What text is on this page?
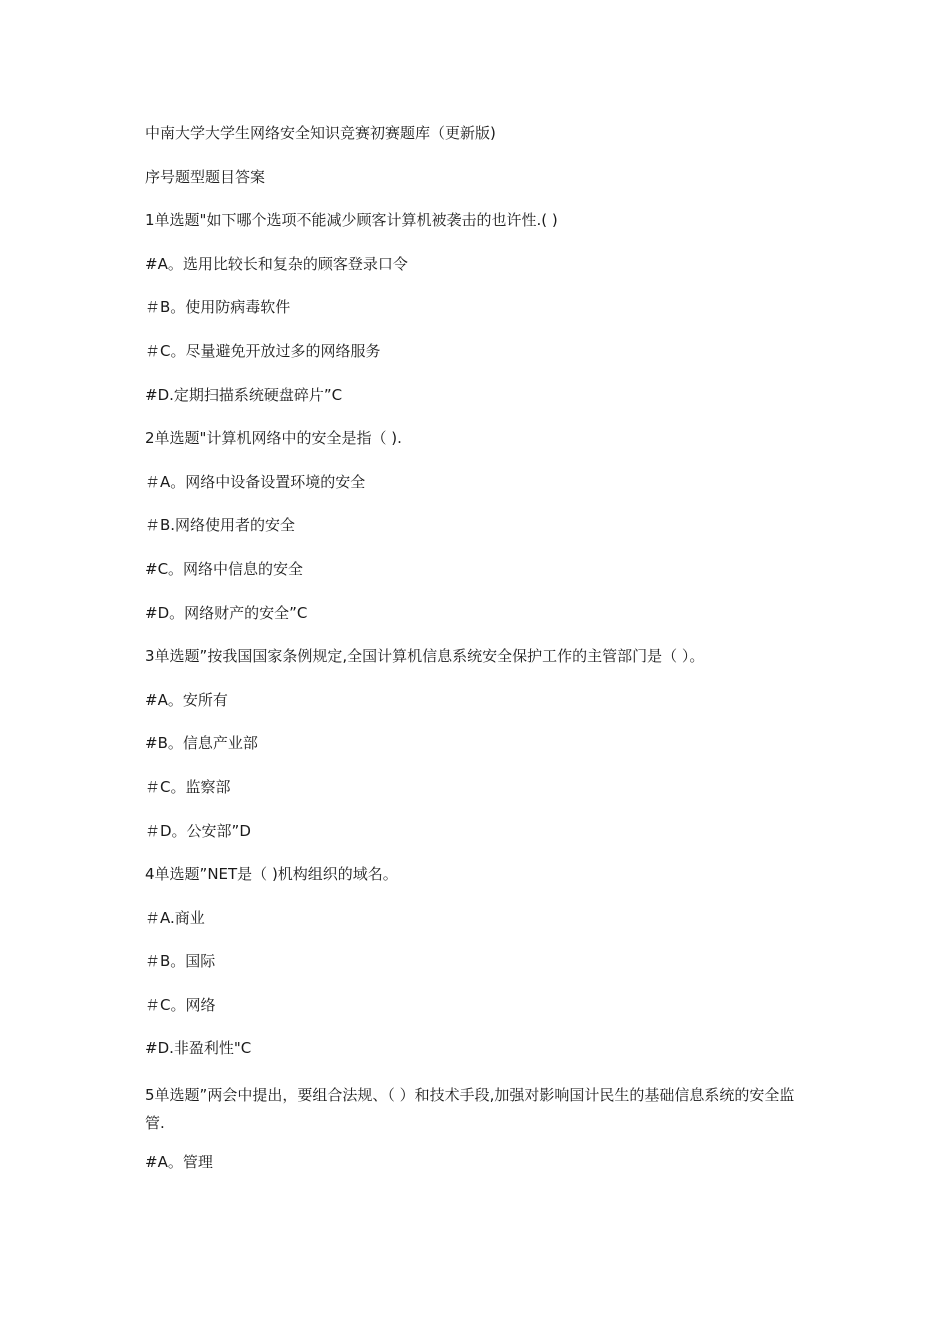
中南大学大学生网络安全知识竞赛初赛题库（更新版)
序号题型题目答案
1单选题"如下哪个选项不能减少顾客计算机被袭击的也许性.( )
#A。选用比较长和复杂的顾客登录口令
＃B。使用防病毒软件
＃C。尽量避免开放过多的网络服务
#D.定期扫描系统硬盘碎片”C
2单选题"计算机网络中的安全是指（ ).
＃A。网络中设备设置环境的安全
＃B.网络使用者的安全
#C。网络中信息的安全
#D。网络财产的安全”C
3单选题”按我国国家条例规定,全国计算机信息系统安全保护工作的主管部门是（ ）。
#A。安所有
#B。信息产业部
＃C。监察部
＃D。公安部”D
4单选题”NET是（ )机构组织的域名。
＃A.商业
＃B。国际
＃C。网络
#D.非盈利性"C
5单选题”两会中提出，要组合法规、（ ）和技术手段,加强对影响国计民生的基础信息系统的安全监管.
#A。管理
